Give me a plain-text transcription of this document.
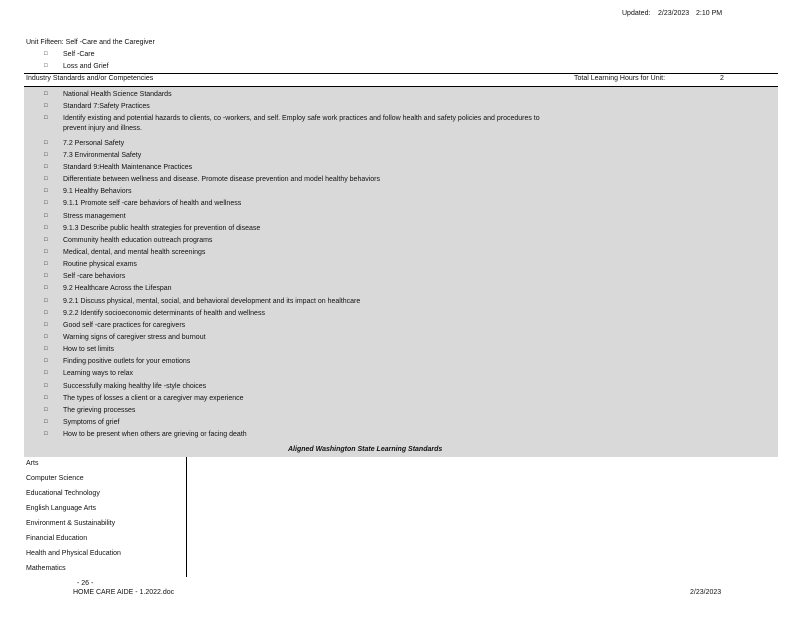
Updated: 2/23/2023 2:10 PM
Unit Fifteen: Self -Care and the Caregiver
□ Self -Care
□ Loss and Grief
Industry Standards and/or Competencies	Total Learning Hours for Unit:	2
□ National Health Science Standards
□ Standard 7:Safety Practices
□ Identify existing and potential hazards to clients, co -workers, and self. Employ safe work practices and follow health and safety policies and procedures to
prevent injury and illness.
□ 7.2 Personal Safety
□ 7.3 Environmental Safety
□ Standard 9:Health Maintenance Practices
□ Differentiate between wellness and disease. Promote disease prevention and model healthy behaviors
□ 9.1 Healthy Behaviors
□ 9.1.1 Promote self -care behaviors of health and wellness
□ Stress management
□ 9.1.3 Describe public health strategies for prevention of disease
□ Community health education outreach programs
□ Medical, dental, and mental health screenings
□ Routine physical exams
□ Self -care behaviors
□ 9.2 Healthcare Across the Lifespan
□ 9.2.1 Discuss physical, mental, social, and behavioral development and its impact on healthcare
□ 9.2.2 Identify socioeconomic determinants of health and wellness
□ Good self -care practices for caregivers
□ Warning signs of caregiver stress and burnout
□ How to set limits
□ Finding positive outlets for your emotions
□ Learning ways to relax
□ Successfully making healthy life -style choices
□ The types of losses a client or a caregiver may experience
□ The grieving processes
□ Symptoms of grief
□ How to be present when others are grieving or facing death
Aligned Washington State Learning Standards
Arts
Computer Science
Educational Technology
English Language Arts
Environment & Sustainability
Financial Education
Health and Physical Education
Mathematics
- 26 -
HOME CARE AIDE - 1.2022.doc	2/23/2023
